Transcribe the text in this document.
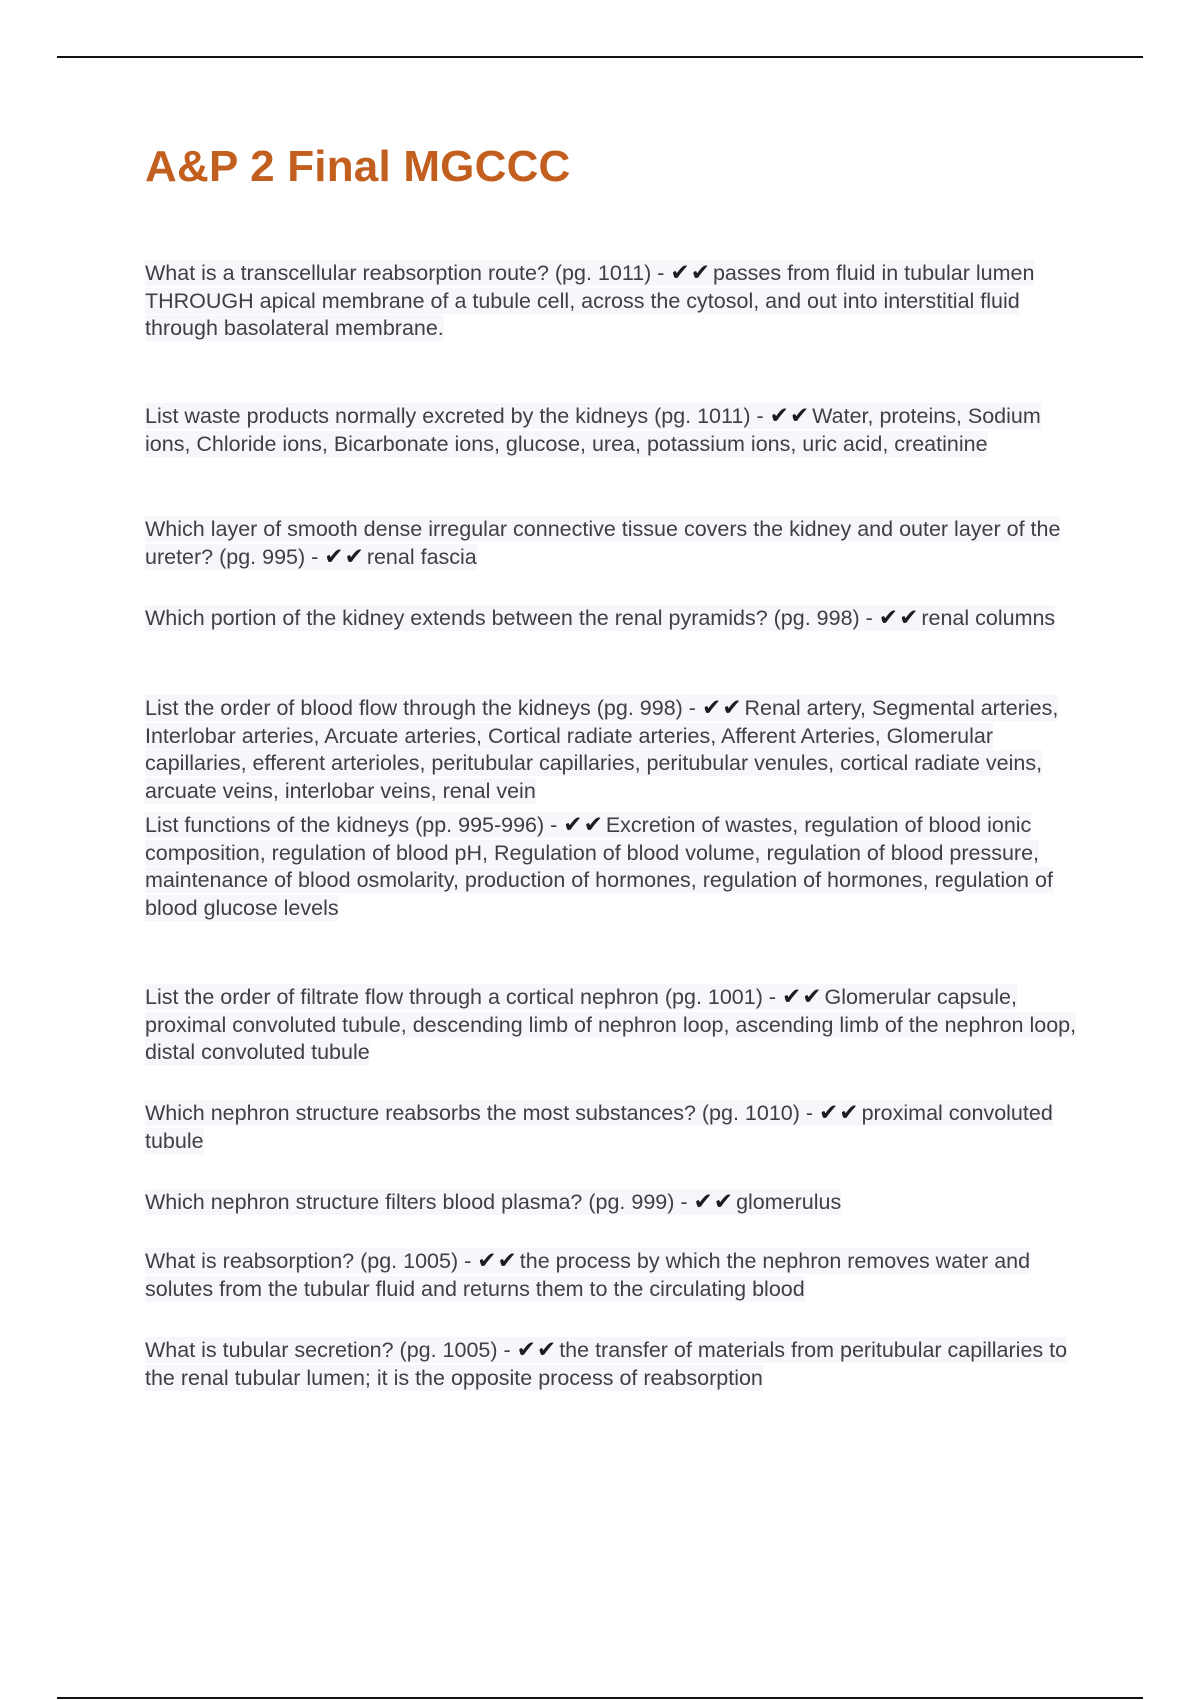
A&P 2 Final MGCCC
What is a transcellular reabsorption route? (pg. 1011) - ✔✔passes from fluid in tubular lumen THROUGH apical membrane of a tubule cell, across the cytosol, and out into interstitial fluid through basolateral membrane.
List waste products normally excreted by the kidneys (pg. 1011) - ✔✔Water, proteins, Sodium ions, Chloride ions, Bicarbonate ions, glucose, urea, potassium ions, uric acid, creatinine
Which layer of smooth dense irregular connective tissue covers the kidney and outer layer of the ureter? (pg. 995) - ✔✔renal fascia
Which portion of the kidney extends between the renal pyramids? (pg. 998) - ✔✔renal columns
List the order of blood flow through the kidneys (pg. 998) - ✔✔Renal artery, Segmental arteries, Interlobar arteries, Arcuate arteries, Cortical radiate arteries, Afferent Arteries, Glomerular capillaries, efferent arterioles, peritubular capillaries, peritubular venules, cortical radiate veins, arcuate veins, interlobar veins, renal vein
List functions of the kidneys (pp. 995-996) - ✔✔Excretion of wastes, regulation of blood ionic composition, regulation of blood pH, Regulation of blood volume, regulation of blood pressure, maintenance of blood osmolarity, production of hormones, regulation of hormones, regulation of blood glucose levels
List the order of filtrate flow through a cortical nephron (pg. 1001) - ✔✔Glomerular capsule, proximal convoluted tubule, descending limb of nephron loop, ascending limb of the nephron loop, distal convoluted tubule
Which nephron structure reabsorbs the most substances? (pg. 1010) - ✔✔proximal convoluted tubule
Which nephron structure filters blood plasma? (pg. 999) - ✔✔glomerulus
What is reabsorption? (pg. 1005) - ✔✔the process by which the nephron removes water and solutes from the tubular fluid and returns them to the circulating blood
What is tubular secretion? (pg. 1005) - ✔✔the transfer of materials from peritubular capillaries to the renal tubular lumen; it is the opposite process of reabsorption
